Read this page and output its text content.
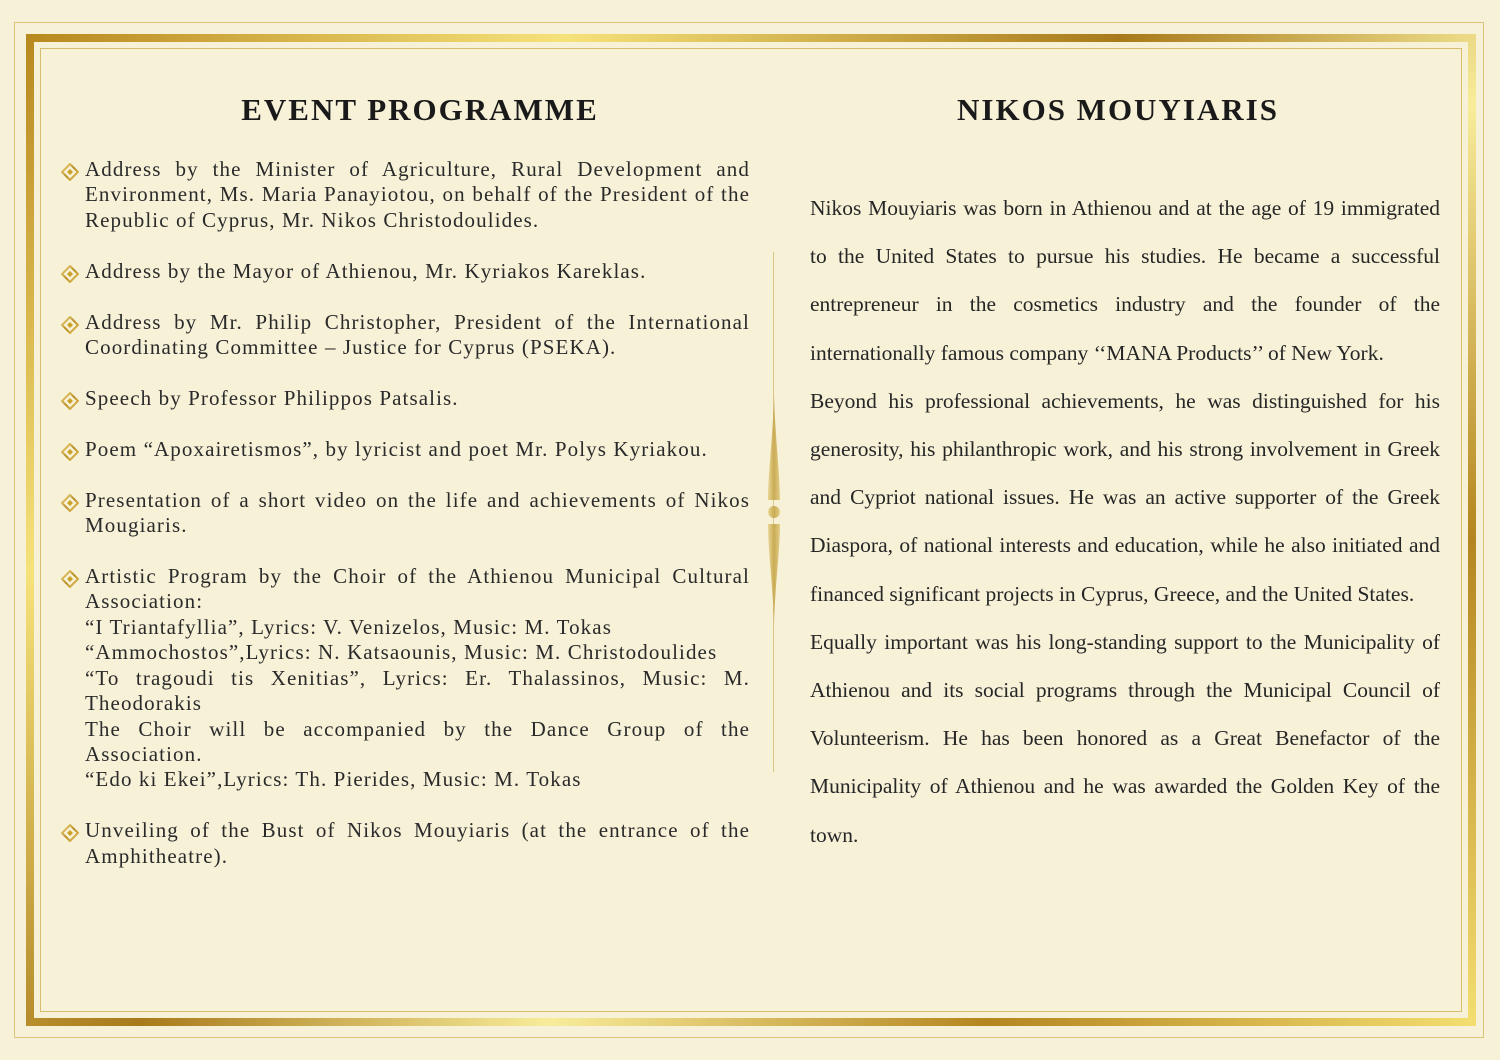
EVENT PROGRAMME	NIKOS MOUYIARIS
Address by the Minister of Agriculture, Rural Development and Environment, Ms. Maria Panayiotou, on behalf of the President of the Republic of Cyprus, Mr. Nikos Christodoulides.
Address by the Mayor of Athienou, Mr. Kyriakos Kareklas.
Address by Mr. Philip Christopher, President of the International Coordinating Committee – Justice for Cyprus (PSEKA).
Speech by Professor Philippos Patsalis.
Poem “Apoxairetismos”, by lyricist and poet Mr. Polys Kyriakou.
Presentation of a short video on the life and achievements of Nikos Mougiaris.
Artistic Program by the Choir of the Athienou Municipal Cultural Association:
“I Triantafyllia”, Lyrics: V. Venizelos, Music: M. Tokas
“Ammochostos”,Lyrics: N. Katsaounis, Music: M. Christodoulides
“To tragoudi tis Xenitias”, Lyrics: Er. Thalassinos, Music: M. Theodorakis
The Choir will be accompanied by the Dance Group of the Association.
“Edo ki Ekei”,Lyrics: Th. Pierides, Music: M. Tokas
Unveiling of the Bust of Nikos Mouyiaris (at the entrance of the Amphitheatre).

Nikos Mouyiaris was born in Athienou and at the age of 19 immigrated to the United States to pursue his studies. He became a successful entrepreneur in the cosmetics industry and the founder of the internationally famous company ‘‘MANA Products’’ of New York.

Beyond his professional achievements, he was distinguished for his generosity, his philanthropic work, and his strong involvement in Greek and Cypriot national issues. He was an active supporter of the Greek Diaspora, of national interests and education, while he also initiated and financed significant projects in Cyprus, Greece, and the United States.

Equally important was his long-standing support to the Municipality of Athienou and its social programs through the Municipal Council of Volunteerism. He has been honored as a Great Benefactor of the Municipality of Athienou and he was awarded the Golden Key of the town.
